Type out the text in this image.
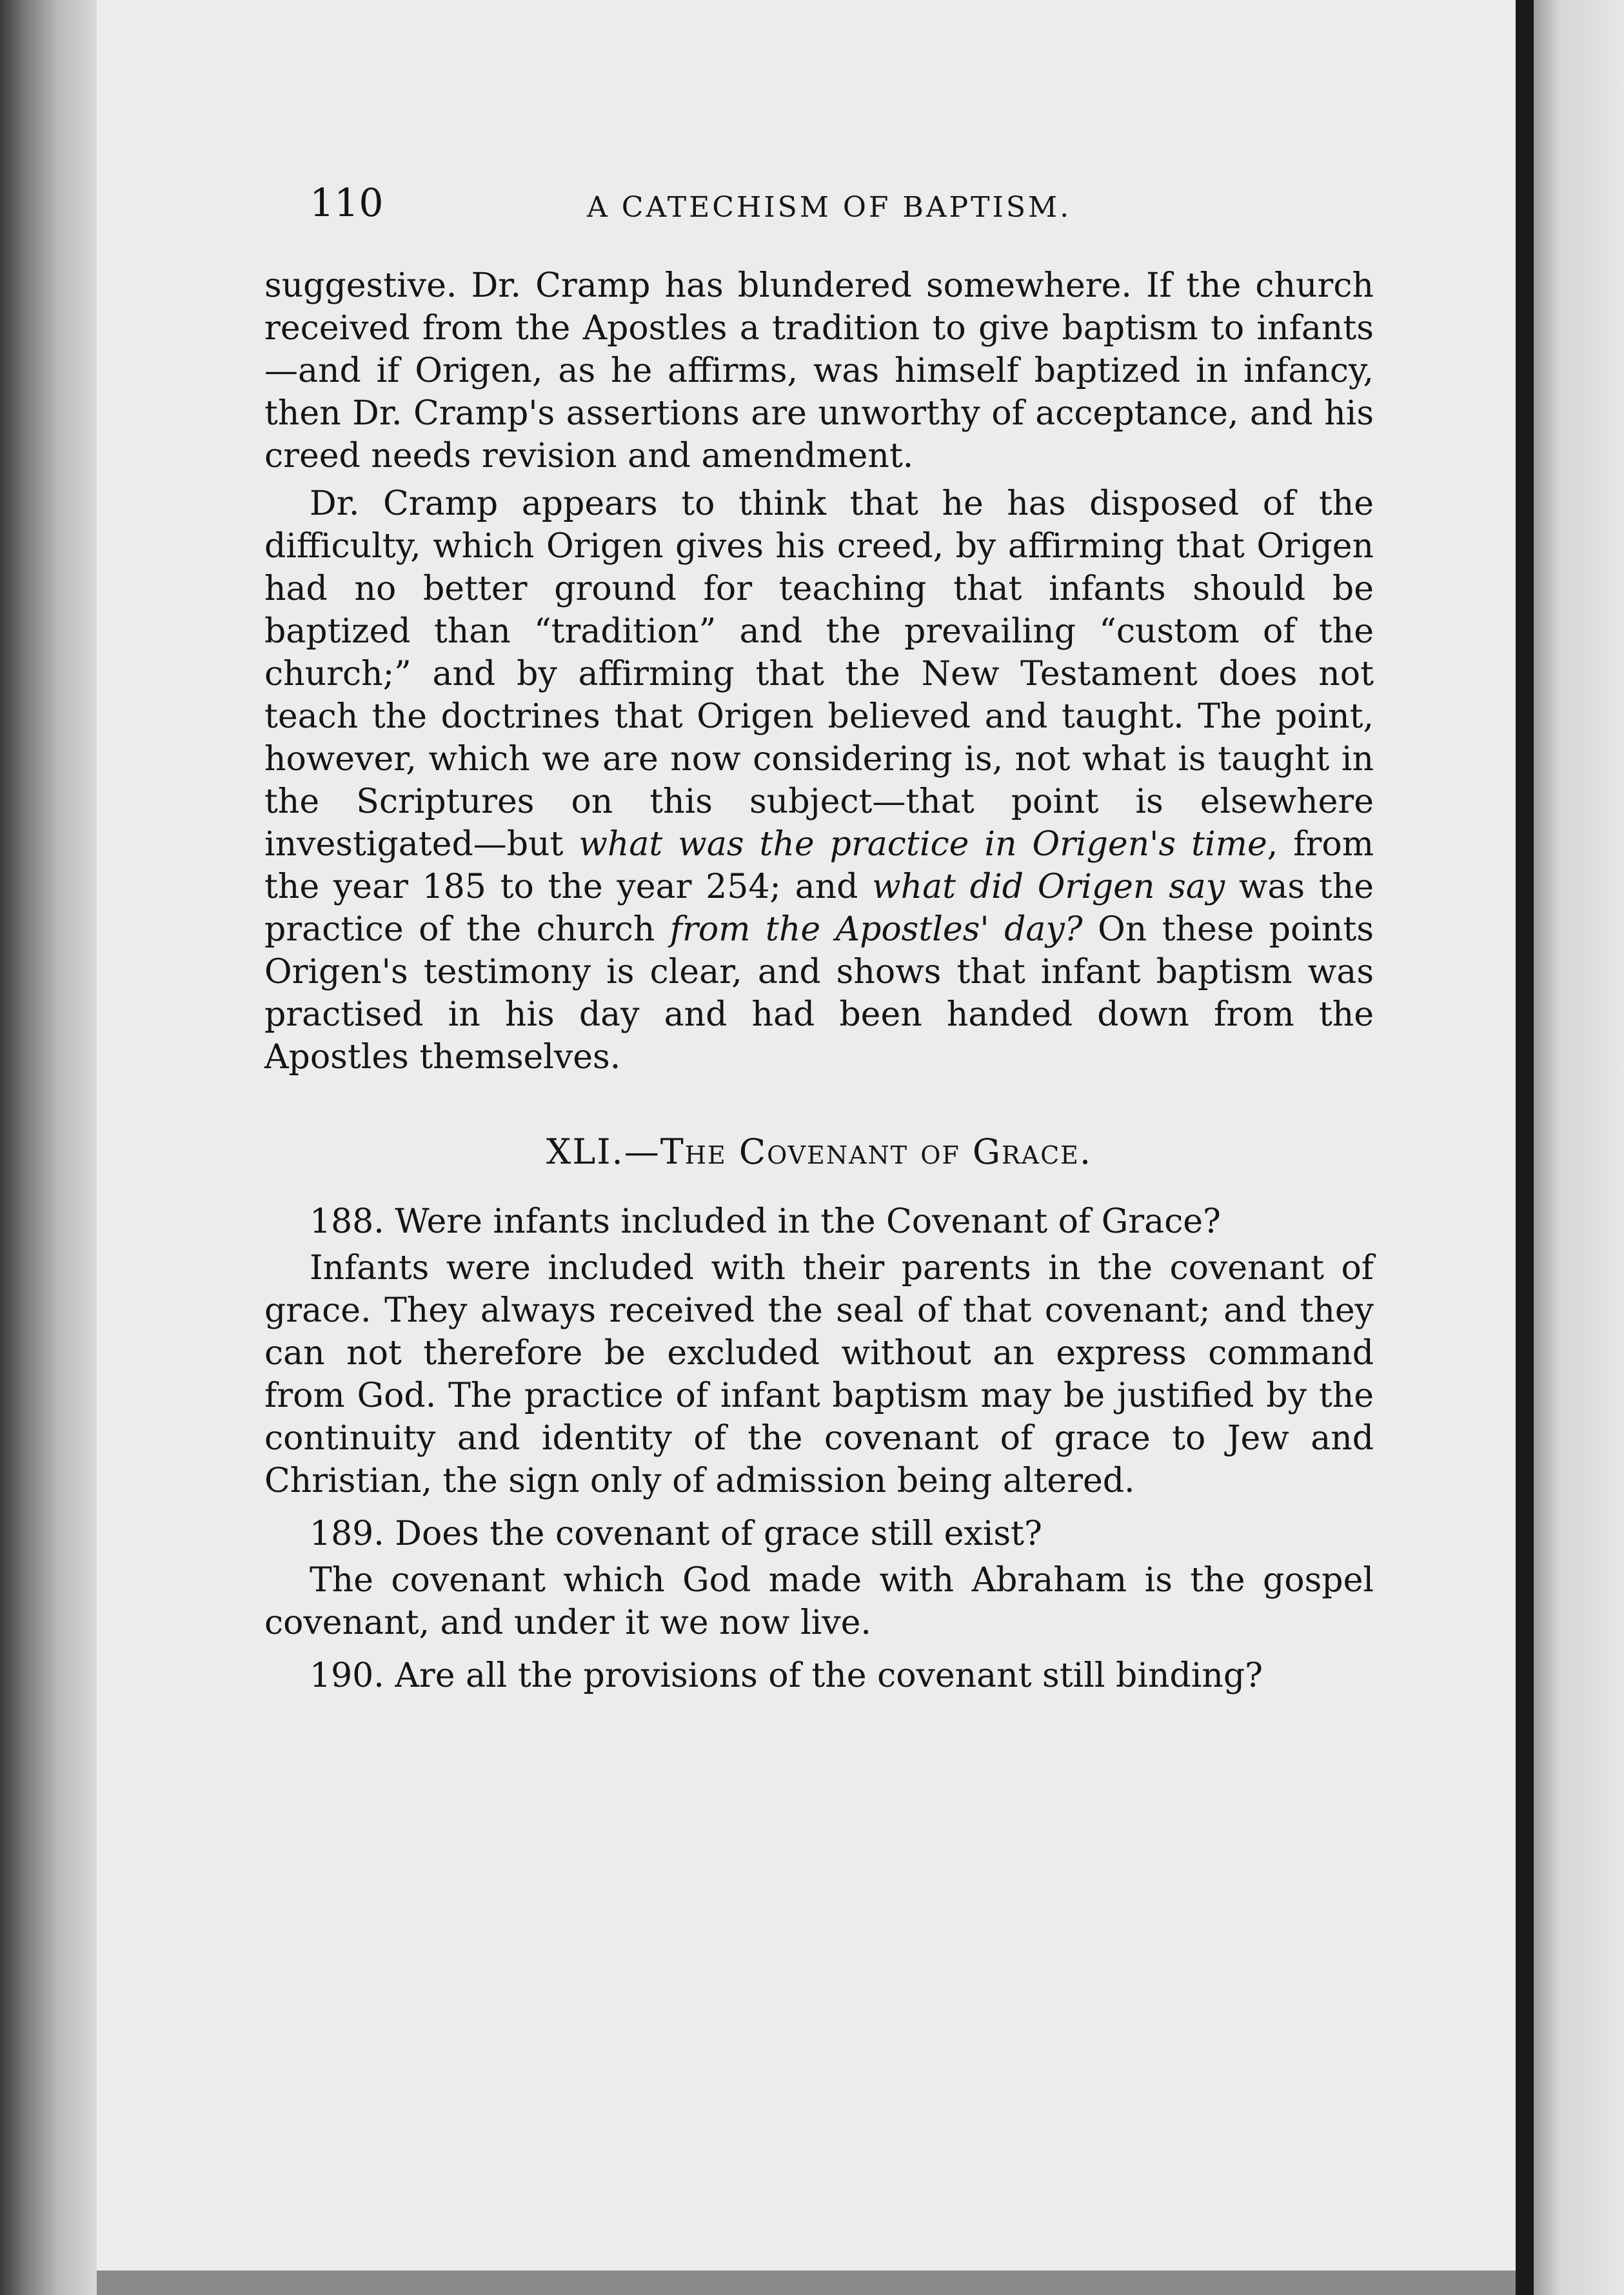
110	A CATECHISM OF BAPTISM.

suggestive. Dr. Cramp has blundered somewhere. If the church received from the Apostles a tradition to give baptism to infants—and if Origen, as he affirms, was himself baptized in infancy, then Dr. Cramp's assertions are unworthy of acceptance, and his creed needs revision and amendment.

Dr. Cramp appears to think that he has disposed of the difficulty, which Origen gives his creed, by affirming that Origen had no better ground for teaching that infants should be baptized than “tradition” and the prevailing “custom of the church;” and by affirming that the New Testament does not teach the doctrines that Origen believed and taught. The point, however, which we are now considering is, not what is taught in the Scriptures on this subject—that point is elsewhere investigated—but what was the practice in Origen's time, from the year 185 to the year 254; and what did Origen say was the practice of the church from the Apostles' day? On these points Origen's testimony is clear, and shows that infant baptism was practised in his day and had been handed down from the Apostles themselves.

XLI.—The Covenant of Grace.

188. Were infants included in the Covenant of Grace?

Infants were included with their parents in the covenant of grace. They always received the seal of that covenant; and they can not therefore be excluded without an express command from God. The practice of infant baptism may be justified by the continuity and identity of the covenant of grace to Jew and Christian, the sign only of admission being altered.

189. Does the covenant of grace still exist?

The covenant which God made with Abraham is the gospel covenant, and under it we now live.

190. Are all the provisions of the covenant still binding?
